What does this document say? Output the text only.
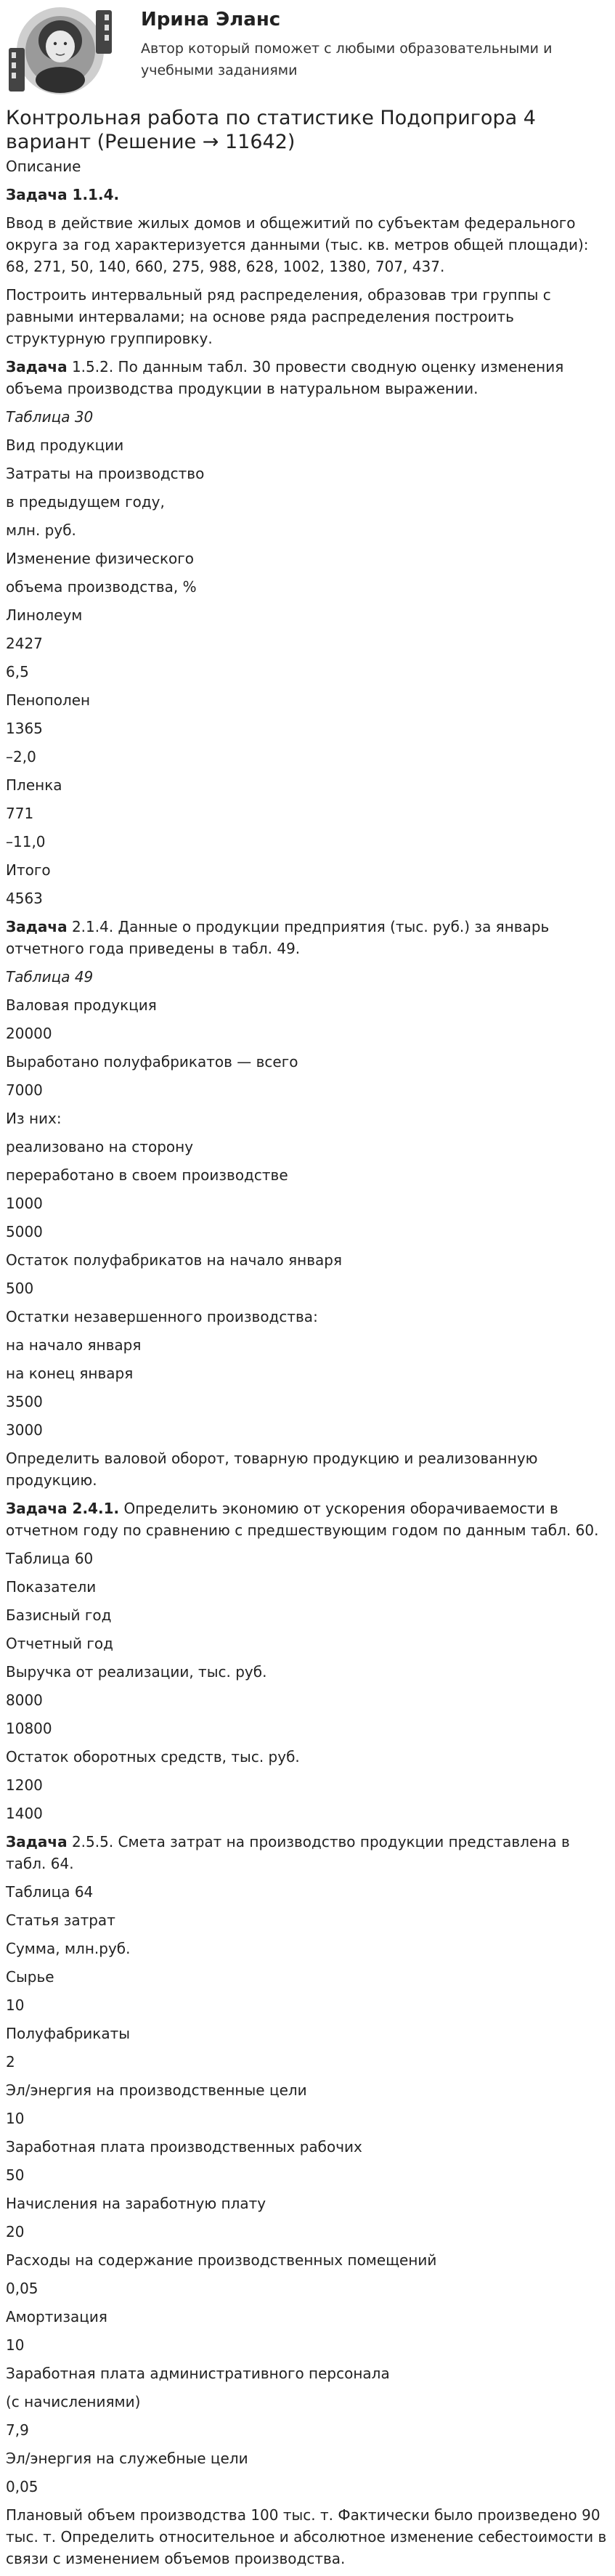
Ирина Эланс
Автор который поможет с любыми образовательными и учебными заданиями
Контрольная работа по статистике Подопригора 4 вариант (Решение → 11642)

Описание

Задача 1.1.4.

Ввод в действие жилых домов и общежитий по субъектам федерального округа за год характеризуется данными (тыс. кв. метров общей площади): 68, 271, 50, 140, 660, 275, 988, 628, 1002, 1380, 707, 437.

Построить интервальный ряд распределения, образовав три группы с равными интервалами; на основе ряда распределения построить структурную группировку.

Задача 1.5.2. По данным табл. 30 провести сводную оценку изменения объема производства продукции в натуральном выражении.

Таблица 30

Вид продукции

Затраты на производство

в предыдущем году,

млн. руб.

Изменение физического

объема производства, %

Линолеум

2427

6,5

Пенополен

1365

–2,0

Пленка

771

–11,0

Итого

4563

Задача 2.1.4. Данные о продукции предприятия (тыс. руб.) за январь отчетного года приведены в табл. 49.

Таблица 49

Валовая продукция

20000

Выработано полуфабрикатов — всего

7000

Из них:

реализовано на сторону

переработано в своем производстве

1000

5000

Остаток полуфабрикатов на начало января

500

Остатки незавершенного производства:

на начало января

на конец января

3500

3000

Определить валовой оборот, товарную продукцию и реализованную продукцию.

Задача 2.4.1. Определить экономию от ускорения оборачиваемости в отчетном году по сравнению с предшествующим годом по данным табл. 60.

Таблица 60

Показатели

Базисный год

Отчетный год

Выручка от реализации, тыс. руб.

8000

10800

Остаток оборотных средств, тыс. руб.

1200

1400

Задача 2.5.5. Смета затрат на производство продукции представлена в табл. 64.

Таблица 64

Статья затрат

Сумма, млн.руб.

Сырье

10

Полуфабрикаты

2

Эл/энергия на производственные цели

10

Заработная плата производственных рабочих

50

Начисления на заработную плату

20

Расходы на содержание производственных помещений

0,05

Амортизация

10

Заработная плата административного персонала

(с начислениями)

7,9

Эл/энергия на служебные цели

0,05

Плановый объем производства 100 тыс. т. Фактически было произведено 90 тыс. т. Определить относительное и абсолютное изменение себестоимости в связи с изменением объемов производства.
